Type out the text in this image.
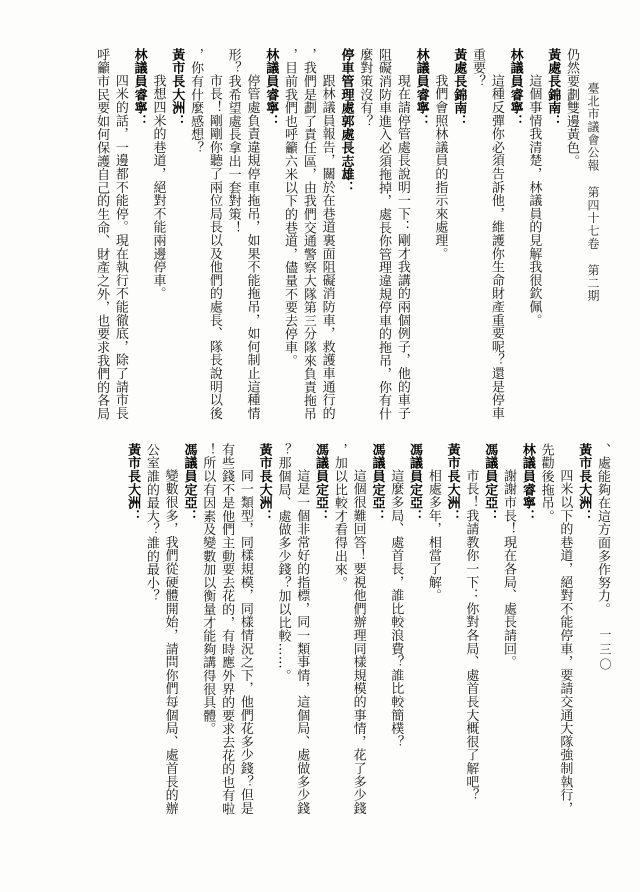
臺北市議會公報第四十七卷第二期
仍然要劃雙邊黃色。
黃處長錦南：
這個事情我清楚，林議員的見解我很欽佩。
林議員睿寧：
這種反彈你必須告訴他，維護你生命財產重要呢？還是停車
重要？
黃處長錦南：
我們會照林議員的指示來處理。
林議員睿寧：
現在請停管處長說明一下：剛才我講的兩個例子，他的車子
阻礙消防車進入必須拖掉，處長你管理違規停車的拖吊，你有什
麼對策沒有？
停車管理處郭處長志雄：
跟林議員報告，關於在巷道裏面阻礙消防車，救護車通行的
，我們是劃了責任區，由我們交通警察大隊第三分隊來負責拖吊
，目前我們也呼籲六米以下的巷道，儘量不要去停車。
林議員睿寧：
停管處負責違規停車拖吊，如果不能拖吊，如何制止這種情
形？我希望處長拿出一套對策！
市長！剛剛你聽了兩位局長以及他們的處長、隊長說明以後
，你有什麼感想？
黃市長大洲：
我想四米的巷道，絕對不能兩邊停車。
林議員睿寧：
四米的話，一邊都不能停。現在執行不能徹底，除了請市長
呼籲市民要如何保護自己的生命、財產之外，也要求我們的各局
、處能夠在這方面多作努力。
黃市長大洲：
四米以下的巷道，絕對不能停車，要請交通大隊強制執行，
先勸後拖吊。
林議員睿寧：
謝謝市長！現在各局、處長請回。
馮議員定亞：
市長！我請教你一下：你對各局、處首長大概很了解吧？
黃市長大洲：
相處多年，相當了解。
馮議員定亞：
這麼多局、處首長，誰比較浪費？誰比較簡樸？
馮議員定亞：
這個很難回答！要視他們辦理同樣規模的事情，花了多少錢
，加以比較才看得出來。
馮議員定亞：
這是一個非常好的指標，同一類事情，這個局、處做多少錢
？那個局、處做多少錢？加以比較……。
黃市長大洲：
同一類型，同樣規模，同樣情況之下，他們花多少錢？但是
有些錢不是他們主動要去花的，有時應外界的要求去花的也有啦
！所以有因素及變數加以衡量才能夠講得很具體。
馮議員定亞：
變數很多，我們從硬體開始，請問你們每個局、處首長的辦
公室誰的最大？誰的最小？
黃市長大洲：
一三〇
